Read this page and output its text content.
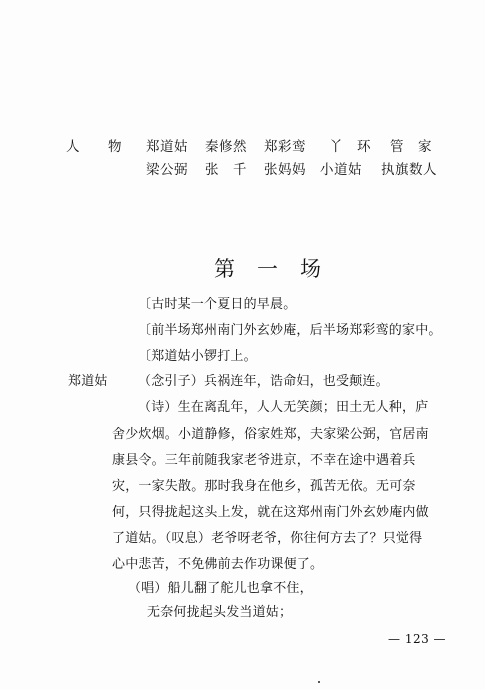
人　　物 郑道姑 秦修然 郑彩鸾 丫　环 管　家
梁公弼 张　千 张妈妈 小道姑 执旗数人
第　一　场
〔古时某一个夏日的早晨。
〔前半场郑州南门外玄妙庵，后半场郑彩鸾的家中。
〔郑道姑小锣打上。
郑道姑 （念引子）兵祸连年，诰命妇，也受颠连。
（诗）生在离乱年，人人无笑颜；田土无人种，庐
舍少炊烟。小道静修，俗家姓郑，夫家梁公弼，官居南
康县令。三年前随我家老爷进京，不幸在途中遇着兵
灾，一家失散。那时我身在他乡，孤苦无依。无可奈
何，只得拢起这头上发，就在这郑州南门外玄妙庵内做
了道姑。（叹息）老爷呀老爷，你往何方去了？只觉得
心中悲苦，不免佛前去作功课便了。
（唱）船儿翻了舵儿也拿不住，
无奈何拢起头发当道姑；
— 123 —
